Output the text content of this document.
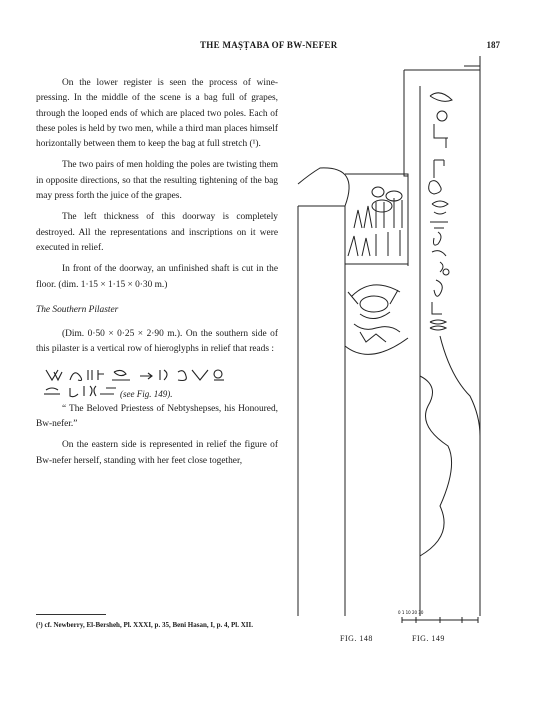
THE MAṢṬABA OF BW-NEFER	187

On the lower register is seen the process of wine-pressing. In the middle of the scene is a bag full of grapes, through the looped ends of which are placed two poles. Each of these poles is held by two men, while a third man places himself horizontally between them to keep the bag at full stretch (¹).

The two pairs of men holding the poles are twisting them in opposite directions, so that the resulting tightening of the bag may press forth the juice of the grapes.

The left thickness of this doorway is completely destroyed. All the representations and inscriptions on it were executed in relief.

In front of the doorway, an unfinished shaft is cut in the floor. (dim. 1·15 × 1·15 × 0·30 m.)

The Southern Pilaster

(Dim. 0·50 × 0·25 × 2·90 m.). On the southern side of this pilaster is a vertical row of hieroglyphs in relief that reads :

(see Fig. 149).

“ The Beloved Priestess of Nebtyshepses, his Honoured, Bw-nefer.”

On the eastern side is represented in relief the figure of Bw-nefer herself, standing with her feet close together,

(¹) cf. Newberry, El-Bersheh, Pl. XXXI, p. 35, Beni Hasan, I, p. 4, Pl. XII.
0 1 10 20 30
FIG. 148	FIG. 149
